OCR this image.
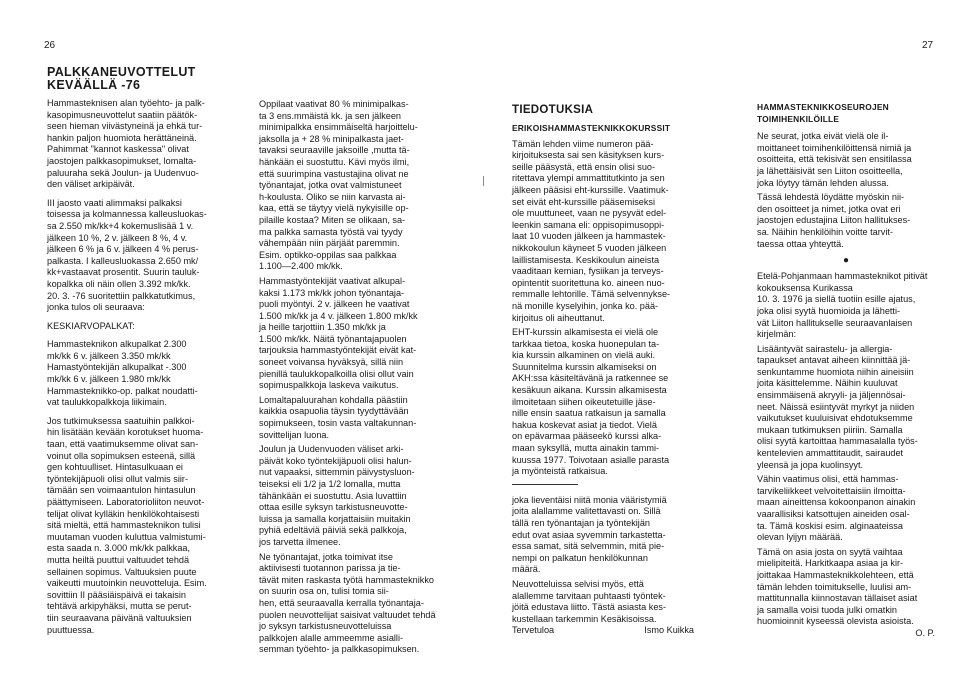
26	27

PALKKANEUVOTTELUT

KEVÄÄLLÄ -76

Hammasteknisen alan työehto- ja palk-

kasopimusneuvottelut saatiin päätök-

seen hieman viivästyneinä ja ehkä tur-

hankin paljon huomiota herättäneinä.

Pahimmat "kannot kaskessa" olivat

jaostojen palkkasopimukset, lomalta-

paluuraha sekä Joulun- ja Uudenvuo-

den väliset arkipäivät.

III jaosto vaati alimmaksi palkaksi

toisessa ja kolmannessa kalleusluokas-

sa 2.550 mk/kk+4 kokemuslisää 1 v.

jälkeen 10 %, 2 v. jälkeen 8 %, 4 v.

jälkeen 6 % ja 6 v. jälkeen 4 % perus-

palkasta. I kalleusluokassa 2.650 mk/

kk+vastaavat prosentit. Suurin tauluk-

kopalkka oli näin ollen 3.392 mk/kk.

20. 3. -76 suoritettiin palkkatutkimus,

jonka tulos oli seuraava:

KESKIARVOPALKAT:

Hammasteknikon alkupalkat 2.300

mk/kk 6 v. jälkeen 3.350 mk/kk

Hamastyöntekijän alkupalkat -.300

mk/kk 6 v. jälkeen 1.980 mk/kk

Hammasteknikko-op. palkat noudatti-

vat taulukkopalkkoja liikimain.

Jos tutkimuksessa saatuihin palkkoi-

hin lisätään kevään korotukset huoma-

taan, että vaatimuksemme olivat san-

voinut olla sopimuksen esteenä, sillä

gen kohtuulliset. Hintasulkuaan ei

työntekijäpuoli olisi ollut valmis siir-

tämään sen voimaantulon hintasulun

päättymiseen. Laboratorioliiton neuvot-

telijat olivat kylläkin henkilökohtaisesti

sitä mieltä, että hammasteknikon tulisi

muutaman vuoden kuluttua valmistumi-

esta saada n. 3.000 mk/kk palkkaa,

mutta heiltä puuttui valtuudet tehdä

sellainen sopimus. Valtuuksien puute

vaikeutti muutoinkin neuvotteluja. Esim.

sovittiin II pääsiäispäivä ei takaisin

tehtävä arkipyhäksi, mutta se perut-

tiin seuraavana päivänä valtuuksien

puuttuessa.

Oppilaat vaativat 80 % minimipalkas-

ta 3 ens.mmäistä kk. ja sen jälkeen

minimipalkka ensimmäiseltä harjoittelu-

jaksolla ja + 28 % minipalkasta jaet-

tavaksi seuraaville jaksoille ,mutta tä-

hänkään ei suostuttu. Kävi myös ilmi,

että suurimpina vastustajina olivat ne

työnantajat, jotka ovat valmistuneet

h-koulusta. Oliko se niin karvasta ai-

kaa, että se täytyy vielä nykyisille op-

pilaille kostaa? Miten se olikaan, sa-

ma palkka samasta työstä vai tyydy

vähempään niin pärjäät paremmin.

Esim. optikko-oppilas saa palkkaa

1.100—2.400 mk/kk.

Hammastyöntekijät vaativat alkupal-

kaksi 1.173 mk/kk johon työnantaja-

puoli myöntyi. 2 v. jälkeen he vaativat

1.500 mk/kk ja 4 v. jälkeen 1.800 mk/kk

ja heille tarjottiin 1.350 mk/kk ja

1.500 mk/kk. Näitä työnantajapuolen

tarjouksia hammastyöntekijät eivät kat-

soneet voivansa hyväksyä, sillä niin

pienillä taulukkopalkoilla olisi ollut vain

sopimuspalkkoja laskeva vaikutus.

Lomaltapaluurahan kohdalla päästiin

kaikkia osapuolia täysin tyydyttävään

sopimukseen, tosin vasta valtakunnan-

sovittelijan luona.

Joulun ja Uudenvuoden väliset arki-

päivät koko työntekijäpuoli olisi halun-

nut vapaaksi, sittemmin päivystysluon-

teiseksi eli 1/2 ja 1/2 lomalla, mutta

tähänkään ei suostuttu. Asia luvattiin

ottaa esille syksyn tarkistusneuvotte-

luissa ja samalla korjattaisiin muitakin

pyhiä edeltäviä päiviä sekä palkkoja,

jos tarvetta ilmenee.

Ne työnantajat, jotka toimivat itse

aktiivisesti tuotannon parissa ja tie-

tävät miten raskasta työtä hammasteknikko

on suurin osa on, tulisi tomia sii-

hen, että seuraavalla kerralla työnantaja-

puolen neuvottelijat saisivat valtuudet tehdä

jo syksyn tarkistusneuvotteluissa

palkkojen alalle ammeemme asialli-

semman työehto- ja palkkasopimuksen.

TIEDOTUKSIA

ERIKOISHAMMASTEKNIKKOKURSSIT

Tämän lehden viime numeron pää-

kirjoituksesta sai sen käsityksen kurs-

seille pääsystä, että ensin olisi suo-

ritettava ylempi ammattitutkinto ja sen

jälkeen pääsisi eht-kurssille. Vaatimuk-

set eivät eht-kurssille pääsemiseksi

ole muuttuneet, vaan ne pysyvät edel-

leenkin samana eli: oppisopimusoppi-

laat 10 vuoden jälkeen ja hammastek-

nikkokoulun käyneet 5 vuoden jälkeen

laillistamisesta. Keskikoulun aineista

vaaditaan kemian, fysiikan ja terveys-

opintentit suoritettuna ko. aineen nuo-

remmalle lehtorille. Tämä selvennykse-

nä monille kyselyihin, jonka ko. pää-

kirjoitus oli aiheuttanut.

EHT-kurssin alkamisesta ei vielä ole

tarkkaa tietoa, koska huonepulan ta-

kia kurssin alkaminen on vielä auki.

Suunnitelma kurssin alkamiseksi on

AKH:ssa käsiteltävänä ja ratkennee se

kesäkuun aikana. Kurssin alkamisesta

ilmoitetaan siihen oikeutetuille jäse-

nille ensin saatua ratkaisun ja samalla

hakua koskevat asiat ja tiedot. Vielä

on epävarmaa pääseekö kurssi alka-

maan syksyllä, mutta ainakin tammi-

kuussa 1977. Toivotaan asialle parasta

ja myönteistä ratkaisua.

joka lieventäisi niitä monia vääristymiä

joita alallamme valitettavasti on. Sillä

tällä ren työnantajan ja työntekijän

edut ovat asiaa syvemmin tarkastetta-

essa samat, sitä selvemmin, mitä pie-

nempi on palkatun henkilökunnan

määrä.

Neuvotteluissa selvisi myös, että

alallemme tarvitaan puhtaasti työntek-

jöitä edustava liitto. Tästä asiasta kes-

kustellaan tarkemmin Kesäkisoissa.

Tervetuloa	Ismo Kuikka

HAMMASTEKNIKKOSEUROJEN

TOIMIHENKILÖILLE

Ne seurat, jotka eivät vielä ole il-

moittaneet toimihenkilöittensä nimiä ja

osoitteita, että tekisivät sen ensitilassa

ja lähettäisivät sen Liiton osoitteella,

joka löytyy tämän lehden alussa.

Tässä lehdestä löydätte myöskin nii-

den osoitteet ja nimet, jotka ovat eri

jaostojen edustajina Liiton hallitukses-

sa. Näihin henkilöihin voitte tarvit-

taessa ottaa yhteyttä.

●

Etelä-Pohjanmaan hammasteknikot pitivät kokouksensa Kurikassa

10. 3. 1976 ja siellä tuotiin esille ajatus,

joka olisi syytä huomioida ja lähetti-

vät Liiton hallitukselle seuraavanlaisen

kirjelmän:

Lisääntyvät sairastelu- ja allergia-

tapaukset antavat aiheen kiinnittää jä-

senkuntamme huomiota niihin aineisiin

joita käsittelemme. Näihin kuuluvat

ensimmäisenä akryyli- ja jäljennösai-

neet. Näissä esiintyvät myrkyt ja niiden

vaikutukset kuuluisivat ehdotuksemme

mukaan tutkimuksen piiriin. Samalla

olisi syytä kartoittaa hammasalalla työs-

kentelevien ammattitaudit, sairaudet

yleensä ja jopa kuolinsyyt.

Vähin vaatimus olisi, että hammas-

tarvikeliikkeet velvoitettaisiin ilmoitta-

maan aineittensa kokoonpanon ainakin

vaarallisiksi katsottujen aineiden osal-

ta. Tämä koskisi esim. alginaateissa

olevan lyijyn määrää.

Tämä on asia josta on syytä vaihtaa

mielipiteitä. Harkitkaapa asiaa ja kir-

joittakaa Hammasteknikkolehteen, että

tämän lehden toimitukselle, luulisi am-

mattitunnalla kiinnostavan tällaiset asiat

ja samalla voisi tuoda julki omatkin

huomioinnit kyseessä olevista asioista.

O. P.
